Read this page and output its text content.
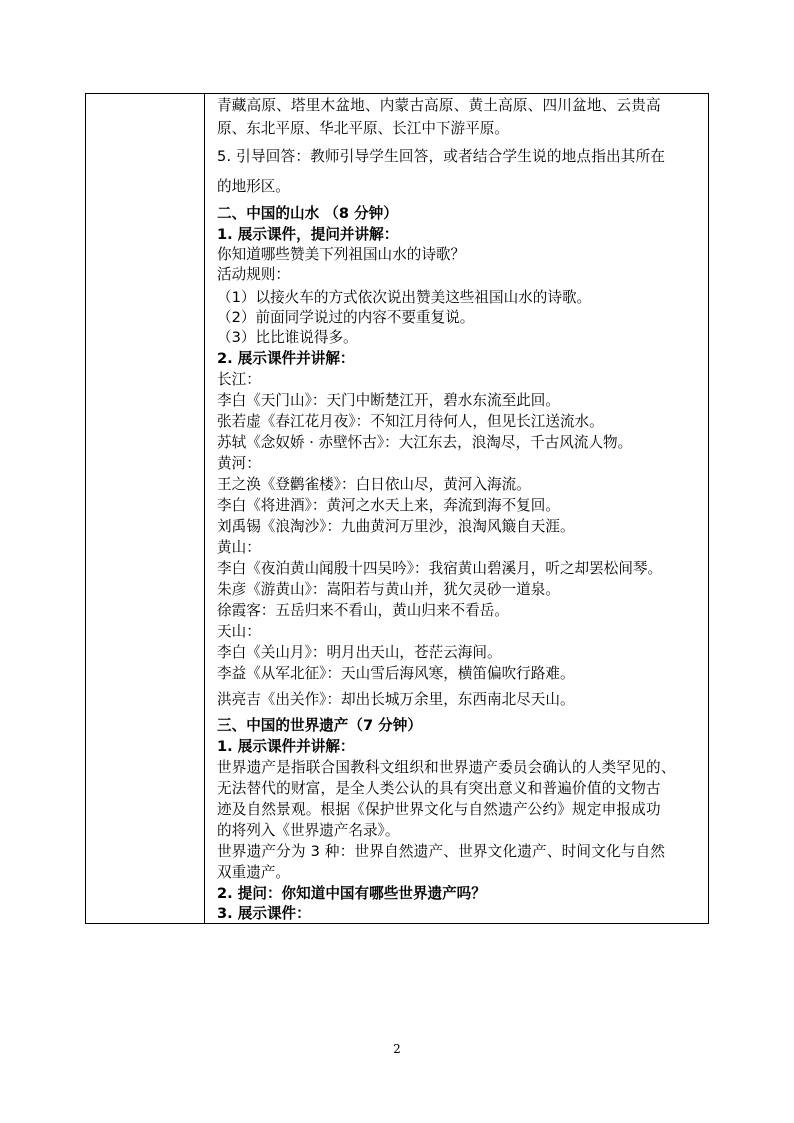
青藏高原、塔里木盆地、内蒙古高原、黄土高原、四川盆地、云贵高
原、东北平原、华北平原、长江中下游平原。
5. 引导回答：教师引导学生回答，或者结合学生说的地点指出其所在
的地形区。
二、中国的山水 （8 分钟）
1. 展示课件，提问并讲解：
你知道哪些赞美下列祖国山水的诗歌？
活动规则：
（1）以接火车的方式依次说出赞美这些祖国山水的诗歌。
（2）前面同学说过的内容不要重复说。
（3）比比谁说得多。
2. 展示课件并讲解：
长江：
李白《天门山》：天门中断楚江开，碧水东流至此回。
张若虚《春江花月夜》：不知江月待何人，但见长江送流水。
苏轼《念奴娇 · 赤壁怀古》：大江东去，浪淘尽，千古风流人物。
黄河：
王之涣《登鹳雀楼》：白日依山尽，黄河入海流。
李白《将进酒》：黄河之水天上来，奔流到海不复回。
刘禹锡《浪淘沙》：九曲黄河万里沙，浪淘风簸自天涯。
黄山：
李白《夜泊黄山闻殷十四吴吟》：我宿黄山碧溪月，听之却罢松间琴。
朱彦《游黄山》：嵩阳若与黄山并，犹欠灵砂一道泉。
徐霞客：五岳归来不看山，黄山归来不看岳。
天山：
李白《关山月》：明月出天山，苍茫云海间。
李益《从军北征》：天山雪后海风寒，横笛偏吹行路难。
洪亮吉《出关作》：却出长城万余里，东西南北尽天山。
三、中国的世界遗产（7 分钟）
1. 展示课件并讲解：
世界遗产是指联合国教科文组织和世界遗产委员会确认的人类罕见的、
无法替代的财富，是全人类公认的具有突出意义和普遍价值的文物古
迹及自然景观。根据《保护世界文化与自然遗产公约》规定申报成功
的将列入《世界遗产名录》。
世界遗产分为 3 种：世界自然遗产、世界文化遗产、时间文化与自然
双重遗产。
2. 提问：你知道中国有哪些世界遗产吗？
3. 展示课件：
2
